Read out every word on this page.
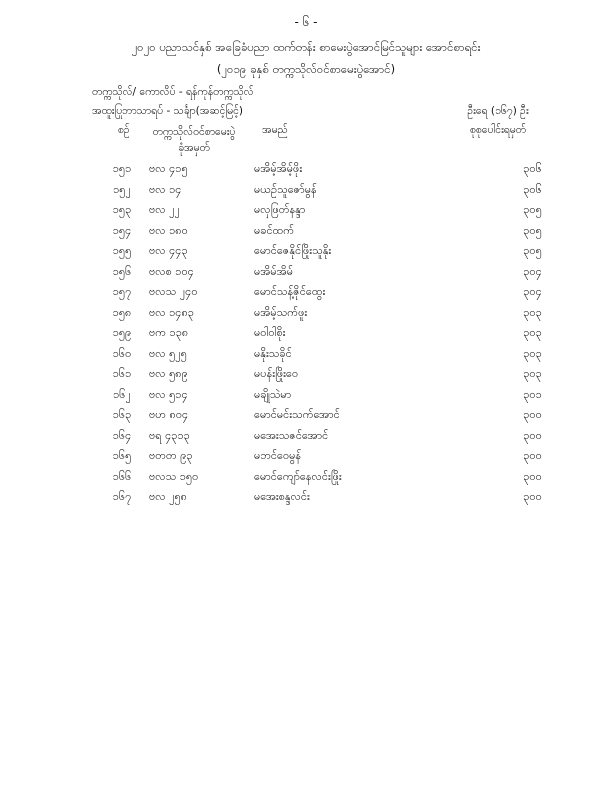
- ၆ -
၂၀၂၀ ပညာသင်နှစ် အခြေခံပညာ ထက်တန်း စာမေးပွဲအောင်မြင်သူများ အောင်စာရင်း
(၂၀၁၉ ခုနှစ် တက္ကသိုလ်ဝင်စာမေးပွဲအောင်)
တက္ကသိုလ်/ ကောလိပ် - ရန်ကုန်တက္ကသိုလ်
အထူးပြုဘာသာရပ် - သင်္ချာ(အဆင့်မြင့်)	ဦးရေ (၁၆၇) ဦး
စုစုပေါင်းရမှတ်
စဉ်	တက္ကသိုလ်ဝင်စာမေးပွဲ
ခုံအမှတ်
အမည်
၁၅၁	ဗလ ၄၁၅	မအိမ့်အိမ့်ဖိုး	၃၀၆
၁၅၂	ဗလ ၁၄	မယဉ်သူဇော်မွန်	၃၀၆
၁၅၃	ဗလ ၂၂	မလှဖြတ်နန္ဒာ	၃၀၅
၁၅၄	ဗလ ၁၈၀	မခင်ထက်	၃၀၅
၁၅၅	ဗလ ၄၄၃	မောင်ဇေနိုင်ဖြိုးသူနိုး	၃၀၅
၁၅၆	ဗလစ ၁၀၄	မအိမ်အိမ်	၃၀၄
၁၅၇	ဗလသ ၂၄၀	မောင်သန့်ဇိုင်ထွေး	၃၀၄
၁၅၈	ဗလ ၁၄၈၃	မအိမ့်သက်ဖူး	၃၀၃
၁၅၉	ဗက ၁၃၈	မဝါဝါစိုး	၃၀၃
၁၆၀	ဗလ ၅၂၅	မနိုးသခိုင်	၃၀၃
၁၆၁	ဗလ ၅၈၉	မပန်းဖြိုးဝေ	၃၀၃
၁၆၂	ဗလ ၅၁၄	မချိုသဲမာ	၃၀၁
၁၆၃	ဗဟ ၈၀၄	မောင်မင်းသက်အောင်	၃၀၀
၁၆၄	ဗရ ၄၃၁၃	မအေးသဇင်အောင်	၃၀၀
၁၆၅	ဗတတ ၉၃	မဘင်ဝေမွန်	၃၀၀
၁၆၆	ဗလသ ၁၅၀	မောင်ကျော်နေလင်းဖြိုး	၃၀၀
၁၆၇	ဗလ ၂၅၈	မအေးစန္ဒလင်း	၃၀၀
